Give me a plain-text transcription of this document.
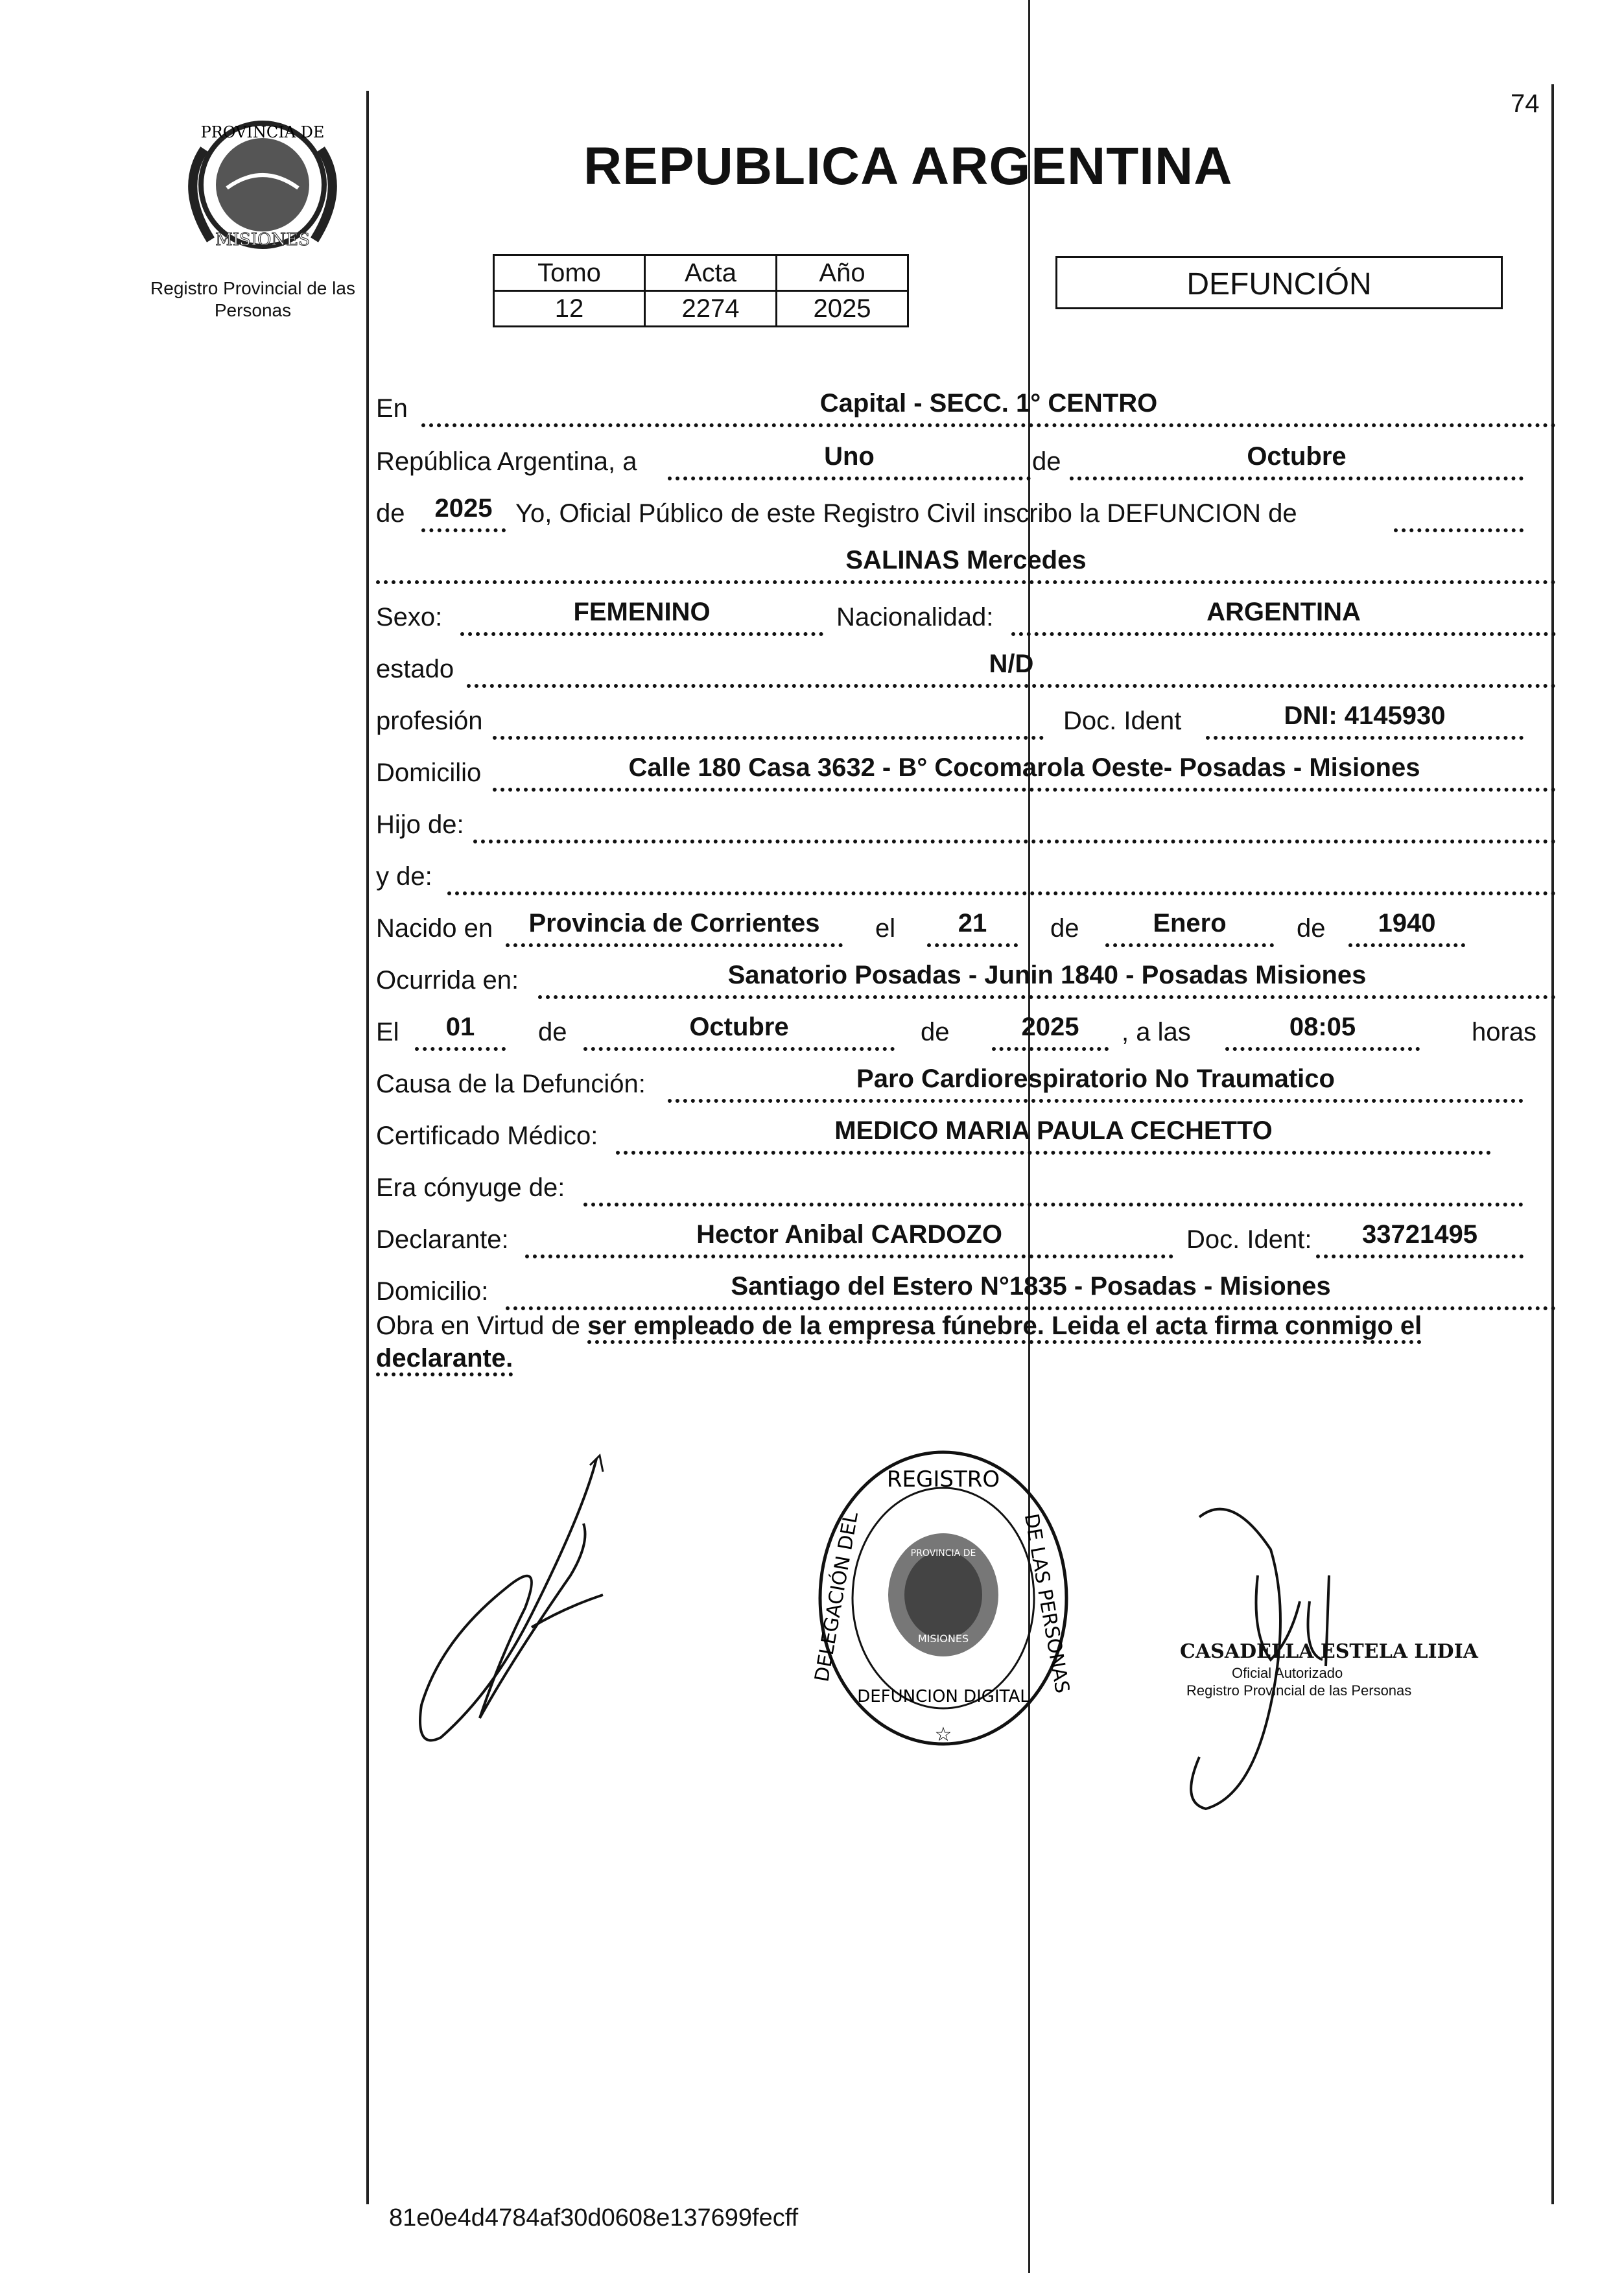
PROVINCIA DE
MISIONES
Registro Provincial de las Personas
74
REPUBLICA ARGENTINA
Tomo	Acta	Año
12	2274	2025
DEFUNCIÓN
En	Capital - SECC. 1° CENTRO
República Argentina, a	Uno	de	Octubre
de	2025 Yo, Oficial Público de este Registro Civil inscribo la DEFUNCION de
SALINAS Mercedes
Sexo:	FEMENINO	Nacionalidad:	ARGENTINA
estado	N/D
profesión	Doc. Ident	DNI: 4145930
Domicilio	Calle 180 Casa 3632 - B° Cocomarola Oeste- Posadas - Misiones
Hijo de:
y de:
Nacido en	Provincia de Corrientes	el	21	de	Enero	de	1940
Ocurrida en:	Sanatorio Posadas - Junin 1840 - Posadas Misiones
El	01	de	Octubre	de	2025	, a las	08:05	horas
Causa de la Defunción:	Paro Cardiorespiratorio No Traumatico
Certificado Médico:	MEDICO MARIA PAULA CECHETTO
Era cónyuge de:
Declarante:	Hector Anibal CARDOZO	Doc. Ident:	33721495
Domicilio:	Santiago del Estero N°1835 - Posadas - Misiones
Obra en Virtud de ser empleado de la empresa fúnebre. Leida el acta firma conmigo el declarante.
REGISTRO
DE LAS PERSONAS
DELEGACIÓN DEL
DEFUNCION DIGITAL
PROVINCIA DE
MISIONES
☆
CASADELLA ESTELA LIDIA
Oficial Autorizado
Registro Provincial de las Personas
81e0e4d4784af30d0608e137699fecff
